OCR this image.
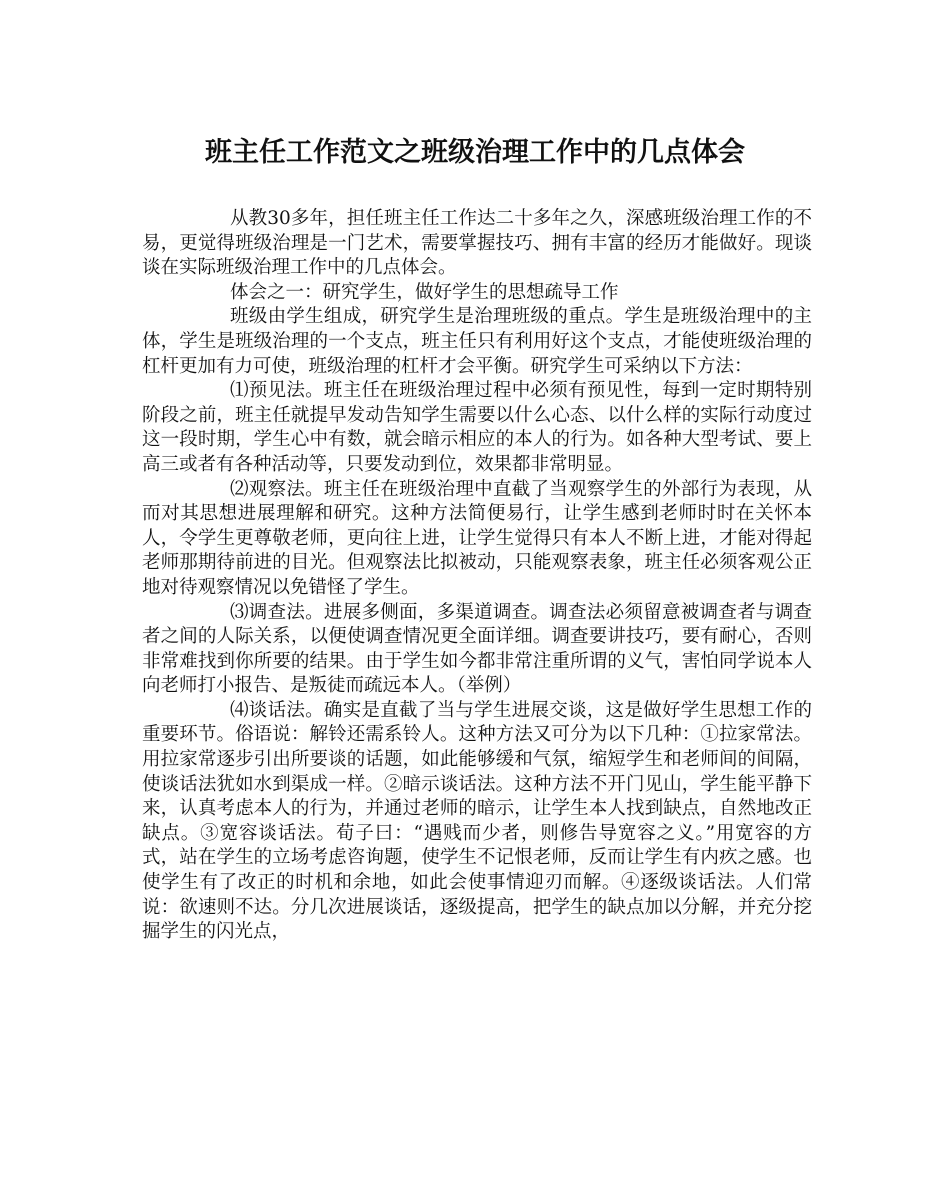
班主任工作范文之班级治理工作中的几点体会

从教30多年，担任班主任工作达二十多年之久，深感班级治理工作的不易，更觉得班级治理是一门艺术，需要掌握技巧、拥有丰富的经历才能做好。现谈谈在实际班级治理工作中的几点体会。

体会之一：研究学生，做好学生的思想疏导工作

班级由学生组成，研究学生是治理班级的重点。学生是班级治理中的主体，学生是班级治理的一个支点，班主任只有利用好这个支点，才能使班级治理的杠杆更加有力可使，班级治理的杠杆才会平衡。研究学生可采纳以下方法：

⑴预见法。班主任在班级治理过程中必须有预见性，每到一定时期特别阶段之前，班主任就提早发动告知学生需要以什么心态、以什么样的实际行动度过这一段时期，学生心中有数，就会暗示相应的本人的行为。如各种大型考试、要上高三或者有各种活动等，只要发动到位，效果都非常明显。

⑵观察法。班主任在班级治理中直截了当观察学生的外部行为表现，从而对其思想进展理解和研究。这种方法简便易行，让学生感到老师时时在关怀本人，令学生更尊敬老师，更向往上进，让学生觉得只有本人不断上进，才能对得起老师那期待前进的目光。但观察法比拟被动，只能观察表象，班主任必须客观公正地对待观察情况以免错怪了学生。

⑶调查法。进展多侧面，多渠道调查。调查法必须留意被调查者与调查者之间的人际关系，以便使调查情况更全面详细。调查要讲技巧，要有耐心，否则非常难找到你所要的结果。由于学生如今都非常注重所谓的义气，害怕同学说本人向老师打小报告、是叛徒而疏远本人。（举例）

⑷谈话法。确实是直截了当与学生进展交谈，这是做好学生思想工作的重要环节。俗语说：解铃还需系铃人。这种方法又可分为以下几种：①拉家常法。用拉家常逐步引出所要谈的话题，如此能够缓和气氛，缩短学生和老师间的间隔，使谈话法犹如水到渠成一样。②暗示谈话法。这种方法不开门见山，学生能平静下来，认真考虑本人的行为，并通过老师的暗示，让学生本人找到缺点，自然地改正缺点。③宽容谈话法。荀子曰：“遇贱而少者，则修告导宽容之义。”用宽容的方式，站在学生的立场考虑咨询题，使学生不记恨老师，反而让学生有内疚之感。也使学生有了改正的时机和余地，如此会使事情迎刃而解。④逐级谈话法。人们常说：欲速则不达。分几次进展谈话，逐级提高，把学生的缺点加以分解，并充分挖掘学生的闪光点，
